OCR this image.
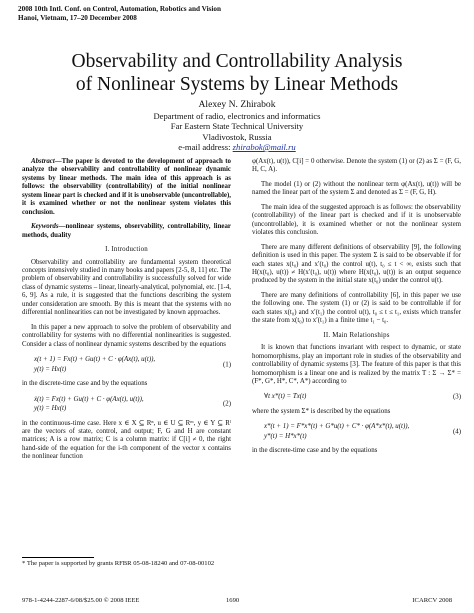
2008 10th Intl. Conf. on Control, Automation, Robotics and Vision
Hanoi, Vietnam, 17–20 December 2008
Observability and Controllability Analysis
of Nonlinear Systems by Linear Methods
Alexey N. Zhirabok
Department of radio, electronics and informatics
Far Eastern State Technical University
Vladivostok, Russia
e-mail address: zhirabok@mail.ru

Abstract—The paper is devoted to the development of approach to analyze the observability and controllability of nonlinear dynamic systems by linear methods. The main idea of this approach is as follows: the observability (controllability) of the initial nonlinear system linear part is checked and if it is unobservable (uncontrollable), it is examined whether or not the nonlinear system violates this conclusion.

Keywords—nonlinear systems, observability, controllability, linear methods, duality

I. Introduction

Observability and controllability are fundamental system theoretical concepts intensively studied in many books and papers [2-5, 8, 11] etc. The problem of observability and controllability is successfully solved for wide class of dynamic systems – linear, linearly-analytical, polynomial, etc. [1-4, 6, 9]. As a rule, it is suggested that the functions describing the system under consideration are smooth. By this is meant that the systems with no differential nonlinearities can not be investigated by known approaches.

In this paper a new approach to solve the problem of observability and controllability for systems with no differential nonlinearities is suggested. Consider a class of nonlinear dynamic systems described by the equations

x(t + 1) = Fx(t) + Gu(t) + C · φ(Ax(t), u(t)),
y(t) = Hx(t)
(1)

in the discrete-time case and by the equations

ẋ(t) = Fx(t) + Gu(t) + C · φ(Ax(t), u(t)),
y(t) = Hx(t)
(2)

in the continuous-time case. Here x ∈ X ⊆ Rⁿ, u ∈ U ⊆ Rᵐ, y ∈ Y ⊆ Rˡ are the vectors of state, control, and output; F, G and H are constant matrices; A is a row matrix; C is a column matrix: if C[i] ≠ 0, the right hand-side of the equation for the i-th component of the vector x contains the nonlinear function

* The paper is supported by grants RFBR 05-08-18240 and 07-08-00102

φ(Ax(t), u(t)), C[i] = 0 otherwise. Denote the system (1) or (2) as Σ = (F, G, H, C, A).

The model (1) or (2) without the nonlinear term φ(Ax(t), u(t)) will be named the linear part of the system Σ and denoted as Σ = (F, G, H).

The main idea of the suggested approach is as follows: the observability (controllability) of the linear part is checked and if it is unobservable (uncontrollable), it is examined whether or not the nonlinear system violates this conclusion.

There are many different definitions of observability [9], the following definition is used in this paper. The system Σ is said to be observable if for each states x(t₀) and x′(t₀) the control u(t), t₀ ≤ t < ∞, exists such that H(x(t₀), u(t)) ≠ H(x′(t₀), u(t)) where H(x(t₀), u(t)) is an output sequence produced by the system in the initial state x(t₀) under the control u(t).

There are many definitions of controllability [6], in this paper we use the following one. The system (1) or (2) is said to be controllable if for each states x(t₀) and x′(t₁) the control u(t), t₀ ≤ t ≤ t₁, exists which transfer the state from x(t₀) to x′(t₁) in a finite time t₁ − t₀.

II. Main Relationships

It is known that functions invariant with respect to dynamic, or state homomorphisms, play an important role in studies of the observability and controllability of dynamic systems [3]. The feature of this paper is that this homomorphism is a linear one and is realized by the matrix T : Σ → Σ* = (F*, G*, H*, C*, A*) according to

∀t x*(t) = Tx(t)	(3)

where the system Σ* is described by the equations

x*(t + 1) = F*x*(t) + G*u(t) + C* · φ(A*x*(t), u(t)),
y*(t) = H*x*(t)
(4)

in the discrete-time case and by the equations

978-1-4244-2287-6/08/$25.00 © 2008 IEEE	1690	ICARCV 2008
